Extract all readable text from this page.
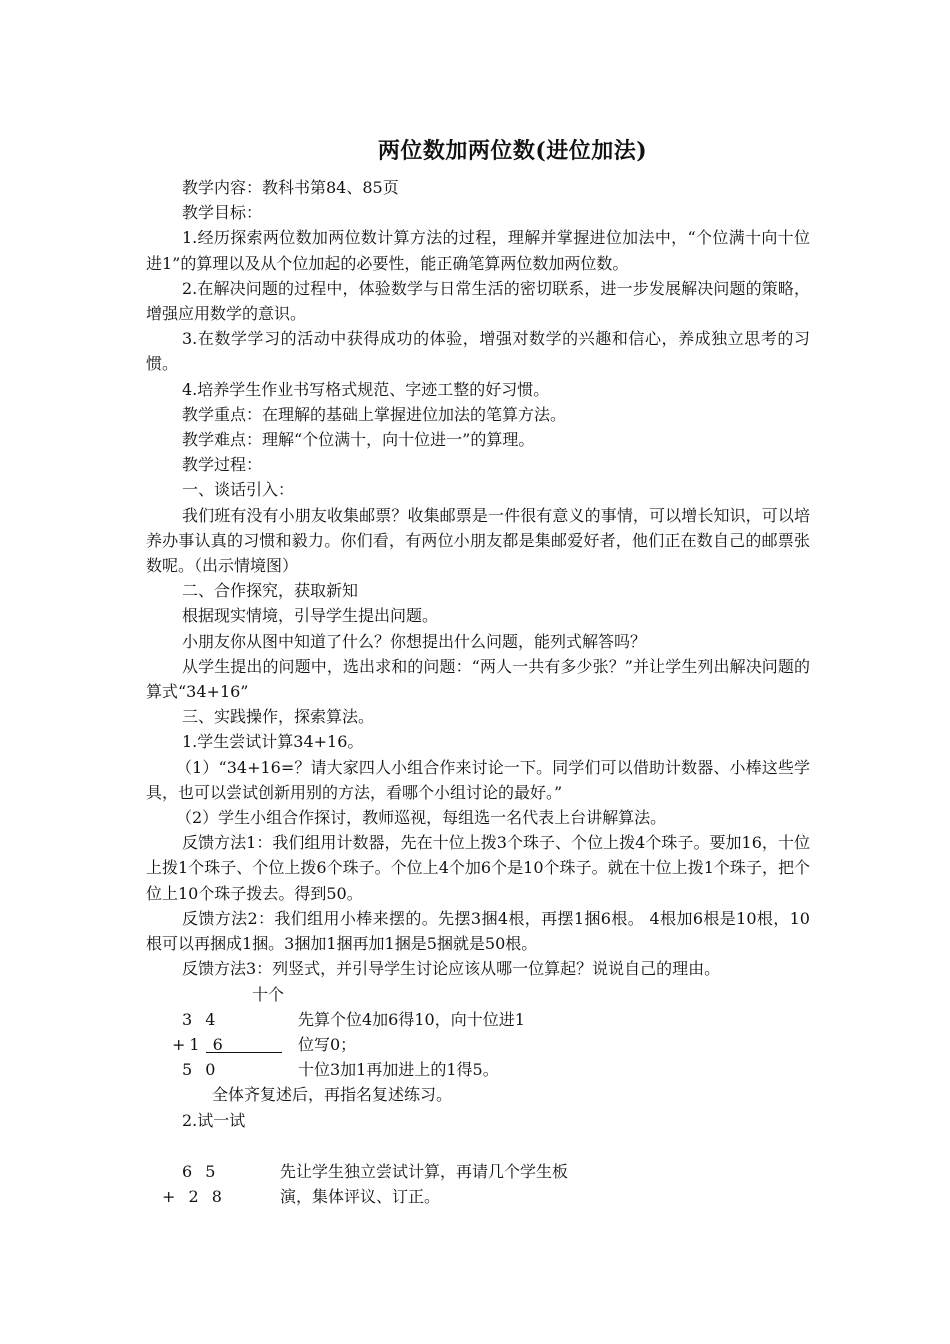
两位数加两位数(进位加法)

教学内容：教科书第84、85页

教学目标：

1.经历探索两位数加两位数计算方法的过程，理解并掌握进位加法中，“个位满十向十位进1”的算理以及从个位加起的必要性，能正确笔算两位数加两位数。

2.在解决问题的过程中，体验数学与日常生活的密切联系，进一步发展解决问题的策略，增强应用数学的意识。

3.在数学学习的活动中获得成功的体验，增强对数学的兴趣和信心，养成独立思考的习惯。

4.培养学生作业书写格式规范、字迹工整的好习惯。

教学重点：在理解的基础上掌握进位加法的笔算方法。

教学难点：理解“个位满十，向十位进一”的算理。

教学过程：

一、谈话引入：

我们班有没有小朋友收集邮票？收集邮票是一件很有意义的事情，可以增长知识，可以培养办事认真的习惯和毅力。你们看，有两位小朋友都是集邮爱好者，他们正在数自己的邮票张数呢。（出示情境图）

二、合作探究，获取新知

根据现实情境，引导学生提出问题。

小朋友你从图中知道了什么？你想提出什么问题，能列式解答吗？

从学生提出的问题中，选出求和的问题：“两人一共有多少张？”并让学生列出解决问题的算式“34+16”

三、实践操作，探索算法。

1.学生尝试计算34+16。

（1）“34+16=？请大家四人小组合作来讨论一下。同学们可以借助计数器、小棒这些学具，也可以尝试创新用别的方法，看哪个小组讨论的最好。”

（2）学生小组合作探讨，教师巡视，每组选一名代表上台讲解算法。

反馈方法1：我们组用计数器，先在十位上拨3个珠子、个位上拨4个珠子。要加16，十位上拨1个珠子、个位上拨6个珠子。个位上4个加6个是10个珠子。就在十位上拨1个珠子，把个位上10个珠子拨去。得到50。

反馈方法2：我们组用小棒来摆的。先摆3捆4根，再摆1捆6根。 4根加6根是10根，10根可以再捆成1捆。3捆加1捆再加1捆是5捆就是50根。

反馈方法3：列竖式，并引导学生讨论应该从哪一位算起？说说自己的理由。

十个
3 4	先算个位4加6得10，向十位进1
+1 6	位写0；
5 0	十位3加1再加进上的1得5。
全体齐复述后，再指名复述练习。

2.试一试

6 5	先让学生独立尝试计算，再请几个学生板
+ 2 8	演，集体评议、订正。
